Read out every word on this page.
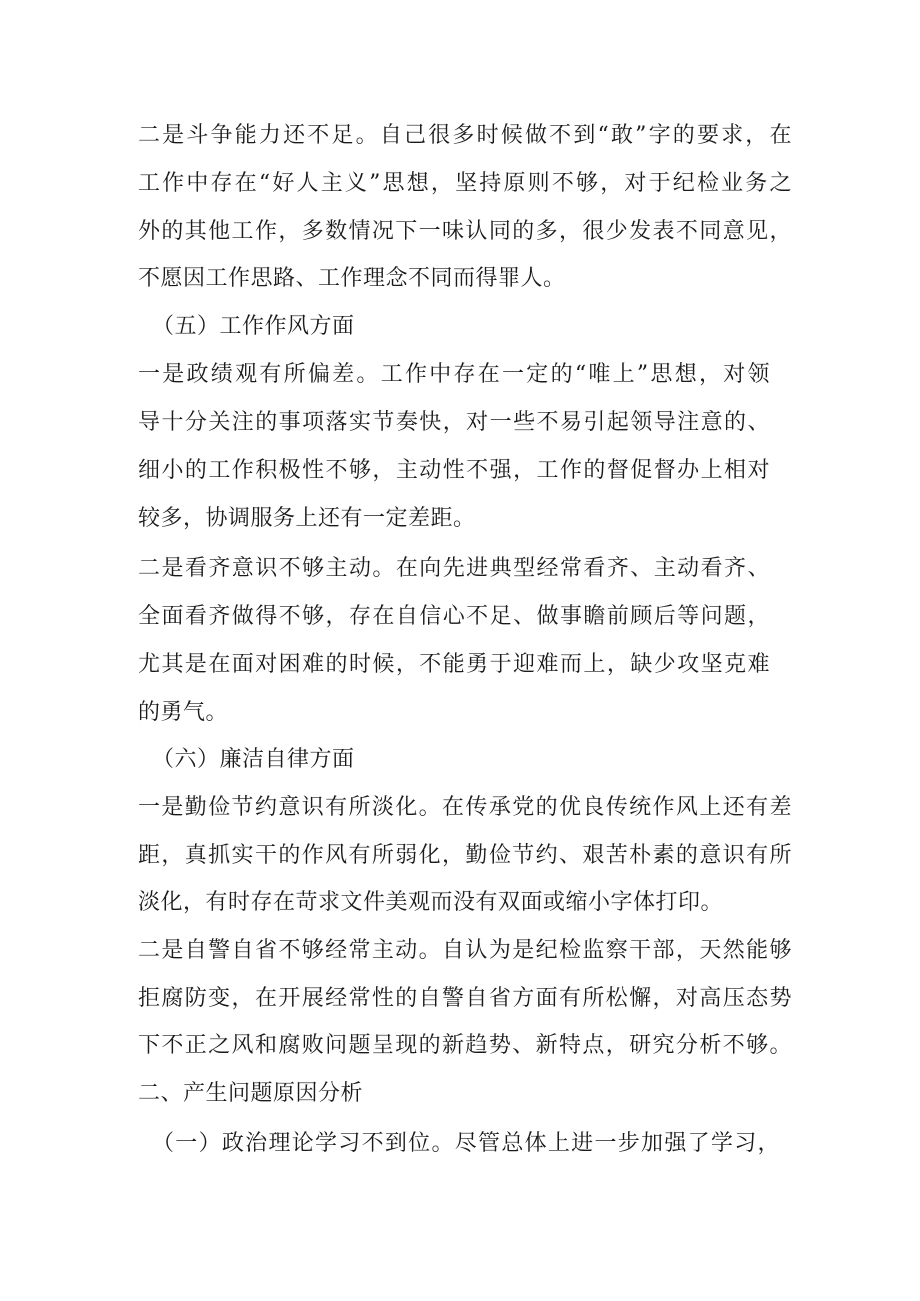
二是斗争能力还不足。自己很多时候做不到“敢”字的要求，在
工作中存在“好人主义”思想，坚持原则不够，对于纪检业务之
外的其他工作，多数情况下一味认同的多，很少发表不同意见，
不愿因工作思路、工作理念不同而得罪人。
（五）工作作风方面
一是政绩观有所偏差。工作中存在一定的“唯上”思想，对领
导十分关注的事项落实节奏快，对一些不易引起领导注意的、
细小的工作积极性不够，主动性不强，工作的督促督办上相对
较多，协调服务上还有一定差距。
二是看齐意识不够主动。在向先进典型经常看齐、主动看齐、
全面看齐做得不够，存在自信心不足、做事瞻前顾后等问题，
尤其是在面对困难的时候，不能勇于迎难而上，缺少攻坚克难
的勇气。
（六）廉洁自律方面
一是勤俭节约意识有所淡化。在传承党的优良传统作风上还有差
距，真抓实干的作风有所弱化，勤俭节约、艰苦朴素的意识有所
淡化，有时存在苛求文件美观而没有双面或缩小字体打印。
二是自警自省不够经常主动。自认为是纪检监察干部，天然能够
拒腐防变，在开展经常性的自警自省方面有所松懈，对高压态势
下不正之风和腐败问题呈现的新趋势、新特点，研究分析不够。
二、产生问题原因分析
（一）政治理论学习不到位。尽管总体上进一步加强了学习，
